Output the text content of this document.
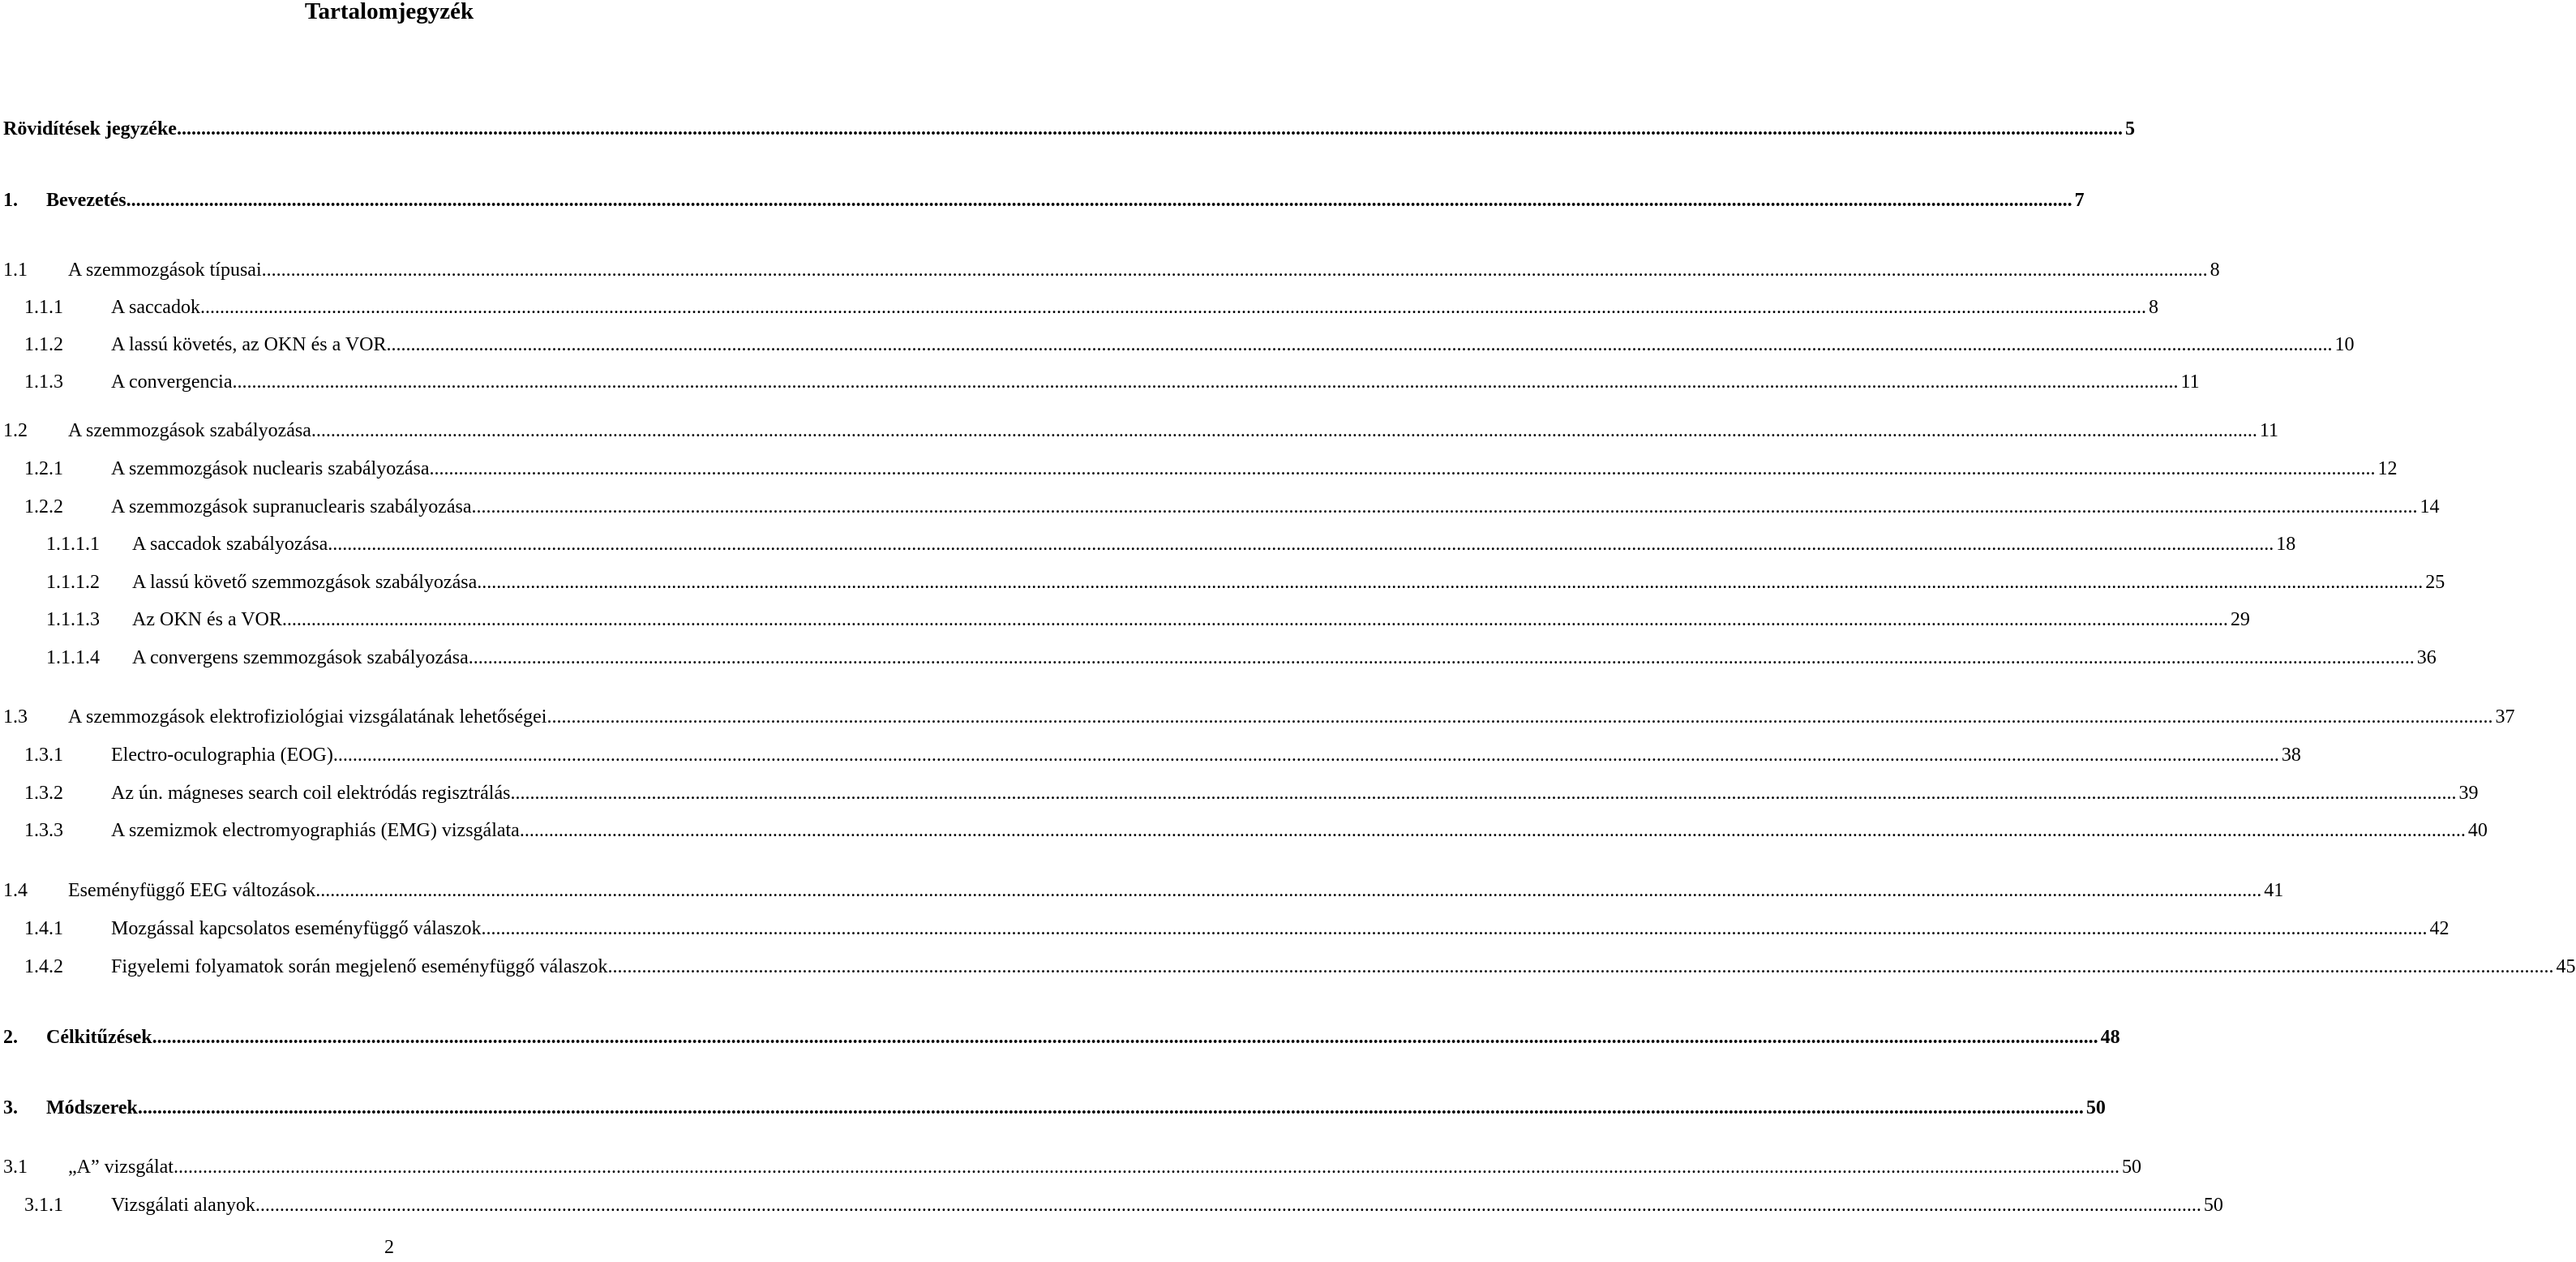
Tartalomjegyzék
Rövidítések jegyzéke ................................................................................................................................................................................................................................................................................................................................................................................................................ 5
1. Bevezetés ................................................................................................................................................................................................................................................................................................................................................................................................................ 7
1.1 A szemmozgások típusai ................................................................................................................................................................................................................................................................................................................................................................................................................ 8
1.1.1 A saccadok ................................................................................................................................................................................................................................................................................................................................................................................................................ 8
1.1.2 A lassú követés, az OKN és a VOR ................................................................................................................................................................................................................................................................................................................................................................................................................ 10
1.1.3 A convergencia ................................................................................................................................................................................................................................................................................................................................................................................................................ 11
1.2 A szemmozgások szabályozása ................................................................................................................................................................................................................................................................................................................................................................................................................ 11
1.2.1 A szemmozgások nuclearis szabályozása ................................................................................................................................................................................................................................................................................................................................................................................................................ 12
1.2.2 A szemmozgások supranuclearis szabályozása ................................................................................................................................................................................................................................................................................................................................................................................................................ 14
1.1.1.1 A saccadok szabályozása ................................................................................................................................................................................................................................................................................................................................................................................................................ 18
1.1.1.2 A lassú követő szemmozgások szabályozása ................................................................................................................................................................................................................................................................................................................................................................................................................ 25
1.1.1.3 Az OKN és a VOR ................................................................................................................................................................................................................................................................................................................................................................................................................ 29
1.1.1.4 A convergens szemmozgások szabályozása ................................................................................................................................................................................................................................................................................................................................................................................................................ 36
1.3 A szemmozgások elektrofiziológiai vizsgálatának lehetőségei ................................................................................................................................................................................................................................................................................................................................................................................................................ 37
1.3.1 Electro-oculographia (EOG) ................................................................................................................................................................................................................................................................................................................................................................................................................ 38
1.3.2 Az ún. mágneses search coil elektródás regisztrálás ................................................................................................................................................................................................................................................................................................................................................................................................................ 39
1.3.3 A szemizmok electromyographiás (EMG) vizsgálata ................................................................................................................................................................................................................................................................................................................................................................................................................ 40
1.4 Eseményfüggő EEG változások ................................................................................................................................................................................................................................................................................................................................................................................................................ 41
1.4.1 Mozgással kapcsolatos eseményfüggő válaszok ................................................................................................................................................................................................................................................................................................................................................................................................................ 42
1.4.2 Figyelemi folyamatok során megjelenő eseményfüggő válaszok ................................................................................................................................................................................................................................................................................................................................................................................................................ 45
2. Célkitűzések ................................................................................................................................................................................................................................................................................................................................................................................................................ 48
3. Módszerek ................................................................................................................................................................................................................................................................................................................................................................................................................ 50
3.1 „A” vizsgálat ................................................................................................................................................................................................................................................................................................................................................................................................................ 50
3.1.1 Vizsgálati alanyok ................................................................................................................................................................................................................................................................................................................................................................................................................ 50
2
